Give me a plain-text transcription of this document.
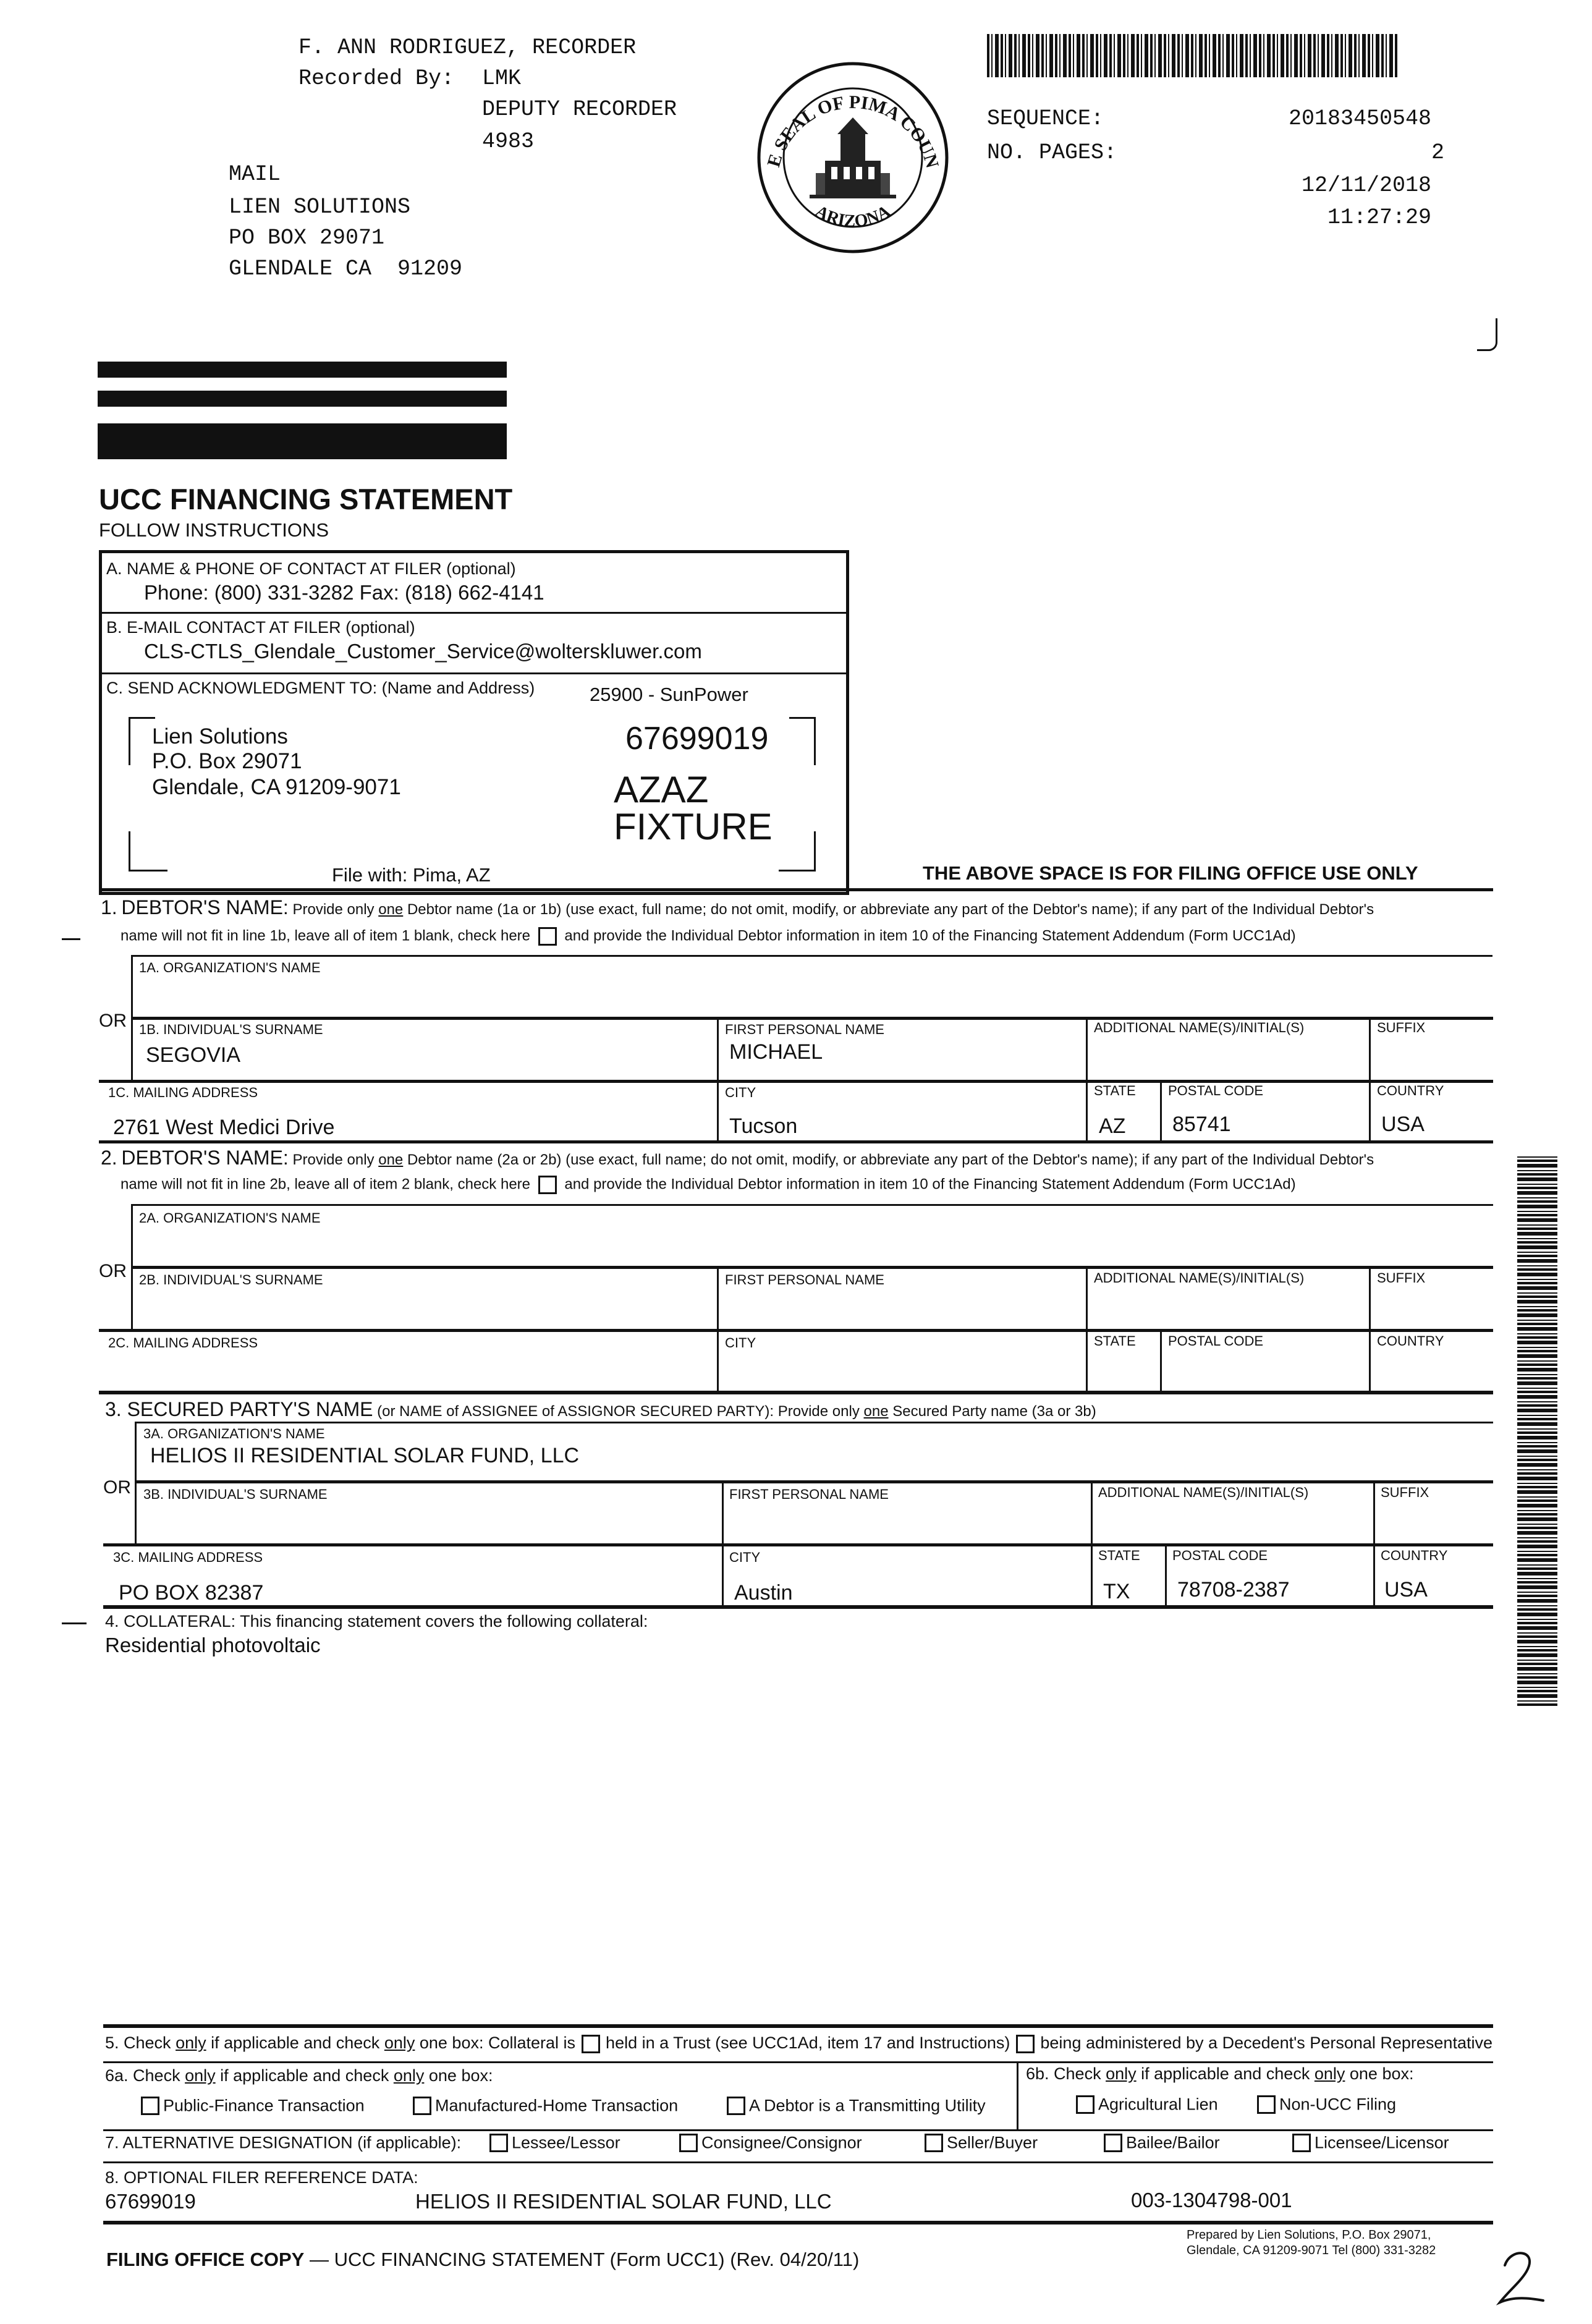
F. ANN RODRIGUEZ, RECORDER
Recorded By: LMK
DEPUTY RECORDER
4983
MAIL
LIEN SOLUTIONS
PO BOX 29071
GLENDALE CA  91209
E SEAL OF PIMA COUN
ARIZONA
SEQUENCE:	20183450548
NO. PAGES:	2
12/11/2018
11:27:29
UCC FINANCING STATEMENT
FOLLOW INSTRUCTIONS
A. NAME & PHONE OF CONTACT AT FILER (optional)
Phone: (800) 331-3282 Fax: (818) 662-4141
B. E-MAIL CONTACT AT FILER (optional)
CLS-CTLS_Glendale_Customer_Service@wolterskluwer.com
C. SEND ACKNOWLEDGMENT TO: (Name and Address)	25900 - SunPower
Lien Solutions
P.O. Box 29071
Glendale, CA 91209-9071
67699019
AZAZ
FIXTURE
File with: Pima, AZ	THE ABOVE SPACE IS FOR FILING OFFICE USE ONLY
1. DEBTOR'S NAME: Provide only one Debtor name (1a or 1b) (use exact, full name; do not omit, modify, or abbreviate any part of the Debtor's name); if any part of the Individual Debtor's
name will not fit in line 1b, leave all of item 1 blank, check here and provide the Individual Debtor information in item 10 of the Financing Statement Addendum (Form UCC1Ad)
1A. ORGANIZATION'S NAME
OR 1B. INDIVIDUAL'S SURNAME
SEGOVIA
FIRST PERSONAL NAME
MICHAEL
ADDITIONAL NAME(S)/INITIAL(S)	SUFFIX
1C. MAILING ADDRESS
2761 West Medici Drive
CITY
Tucson
STATE
AZ
POSTAL CODE
85741
COUNTRY
USA
2. DEBTOR'S NAME: Provide only one Debtor name (2a or 2b) (use exact, full name; do not omit, modify, or abbreviate any part of the Debtor's name); if any part of the Individual Debtor's
name will not fit in line 2b, leave all of item 2 blank, check here and provide the Individual Debtor information in item 10 of the Financing Statement Addendum (Form UCC1Ad)
2A. ORGANIZATION'S NAME
OR 2B. INDIVIDUAL'S SURNAME	FIRST PERSONAL NAME	ADDITIONAL NAME(S)/INITIAL(S)	SUFFIX
2C. MAILING ADDRESS	CITY	STATE POSTAL CODE	COUNTRY
3. SECURED PARTY'S NAME (or NAME of ASSIGNEE of ASSIGNOR SECURED PARTY): Provide only one Secured Party name (3a or 3b)
3A. ORGANIZATION'S NAME
HELIOS II RESIDENTIAL SOLAR FUND, LLC
OR 3B. INDIVIDUAL'S SURNAME	FIRST PERSONAL NAME	ADDITIONAL NAME(S)/INITIAL(S)	SUFFIX
3C. MAILING ADDRESS
PO BOX 82387
CITY
Austin
STATE
TX
POSTAL CODE
78708-2387
COUNTRY
USA
4. COLLATERAL: This financing statement covers the following collateral:
Residential photovoltaic
5. Check only if applicable and check only one box: Collateral is held in a Trust (see UCC1Ad, item 17 and Instructions) being administered by a Decedent's Personal Representative
6a. Check only if applicable and check only one box:	6b. Check only if applicable and check only one box:
Public-Finance Transaction	Manufactured-Home Transaction	A Debtor is a Transmitting Utility	Agricultural Lien	Non-UCC Filing
7. ALTERNATIVE DESIGNATION (if applicable):	Lessee/Lessor	Consignee/Consignor	Seller/Buyer	Bailee/Bailor	Licensee/Licensor
8. OPTIONAL FILER REFERENCE DATA:
67699019	HELIOS II RESIDENTIAL SOLAR FUND, LLC	003-1304798-001
FILING OFFICE COPY — UCC FINANCING STATEMENT (Form UCC1) (Rev. 04/20/11)
Prepared by Lien Solutions, P.O. Box 29071,
Glendale, CA 91209-9071 Tel (800) 331-3282
